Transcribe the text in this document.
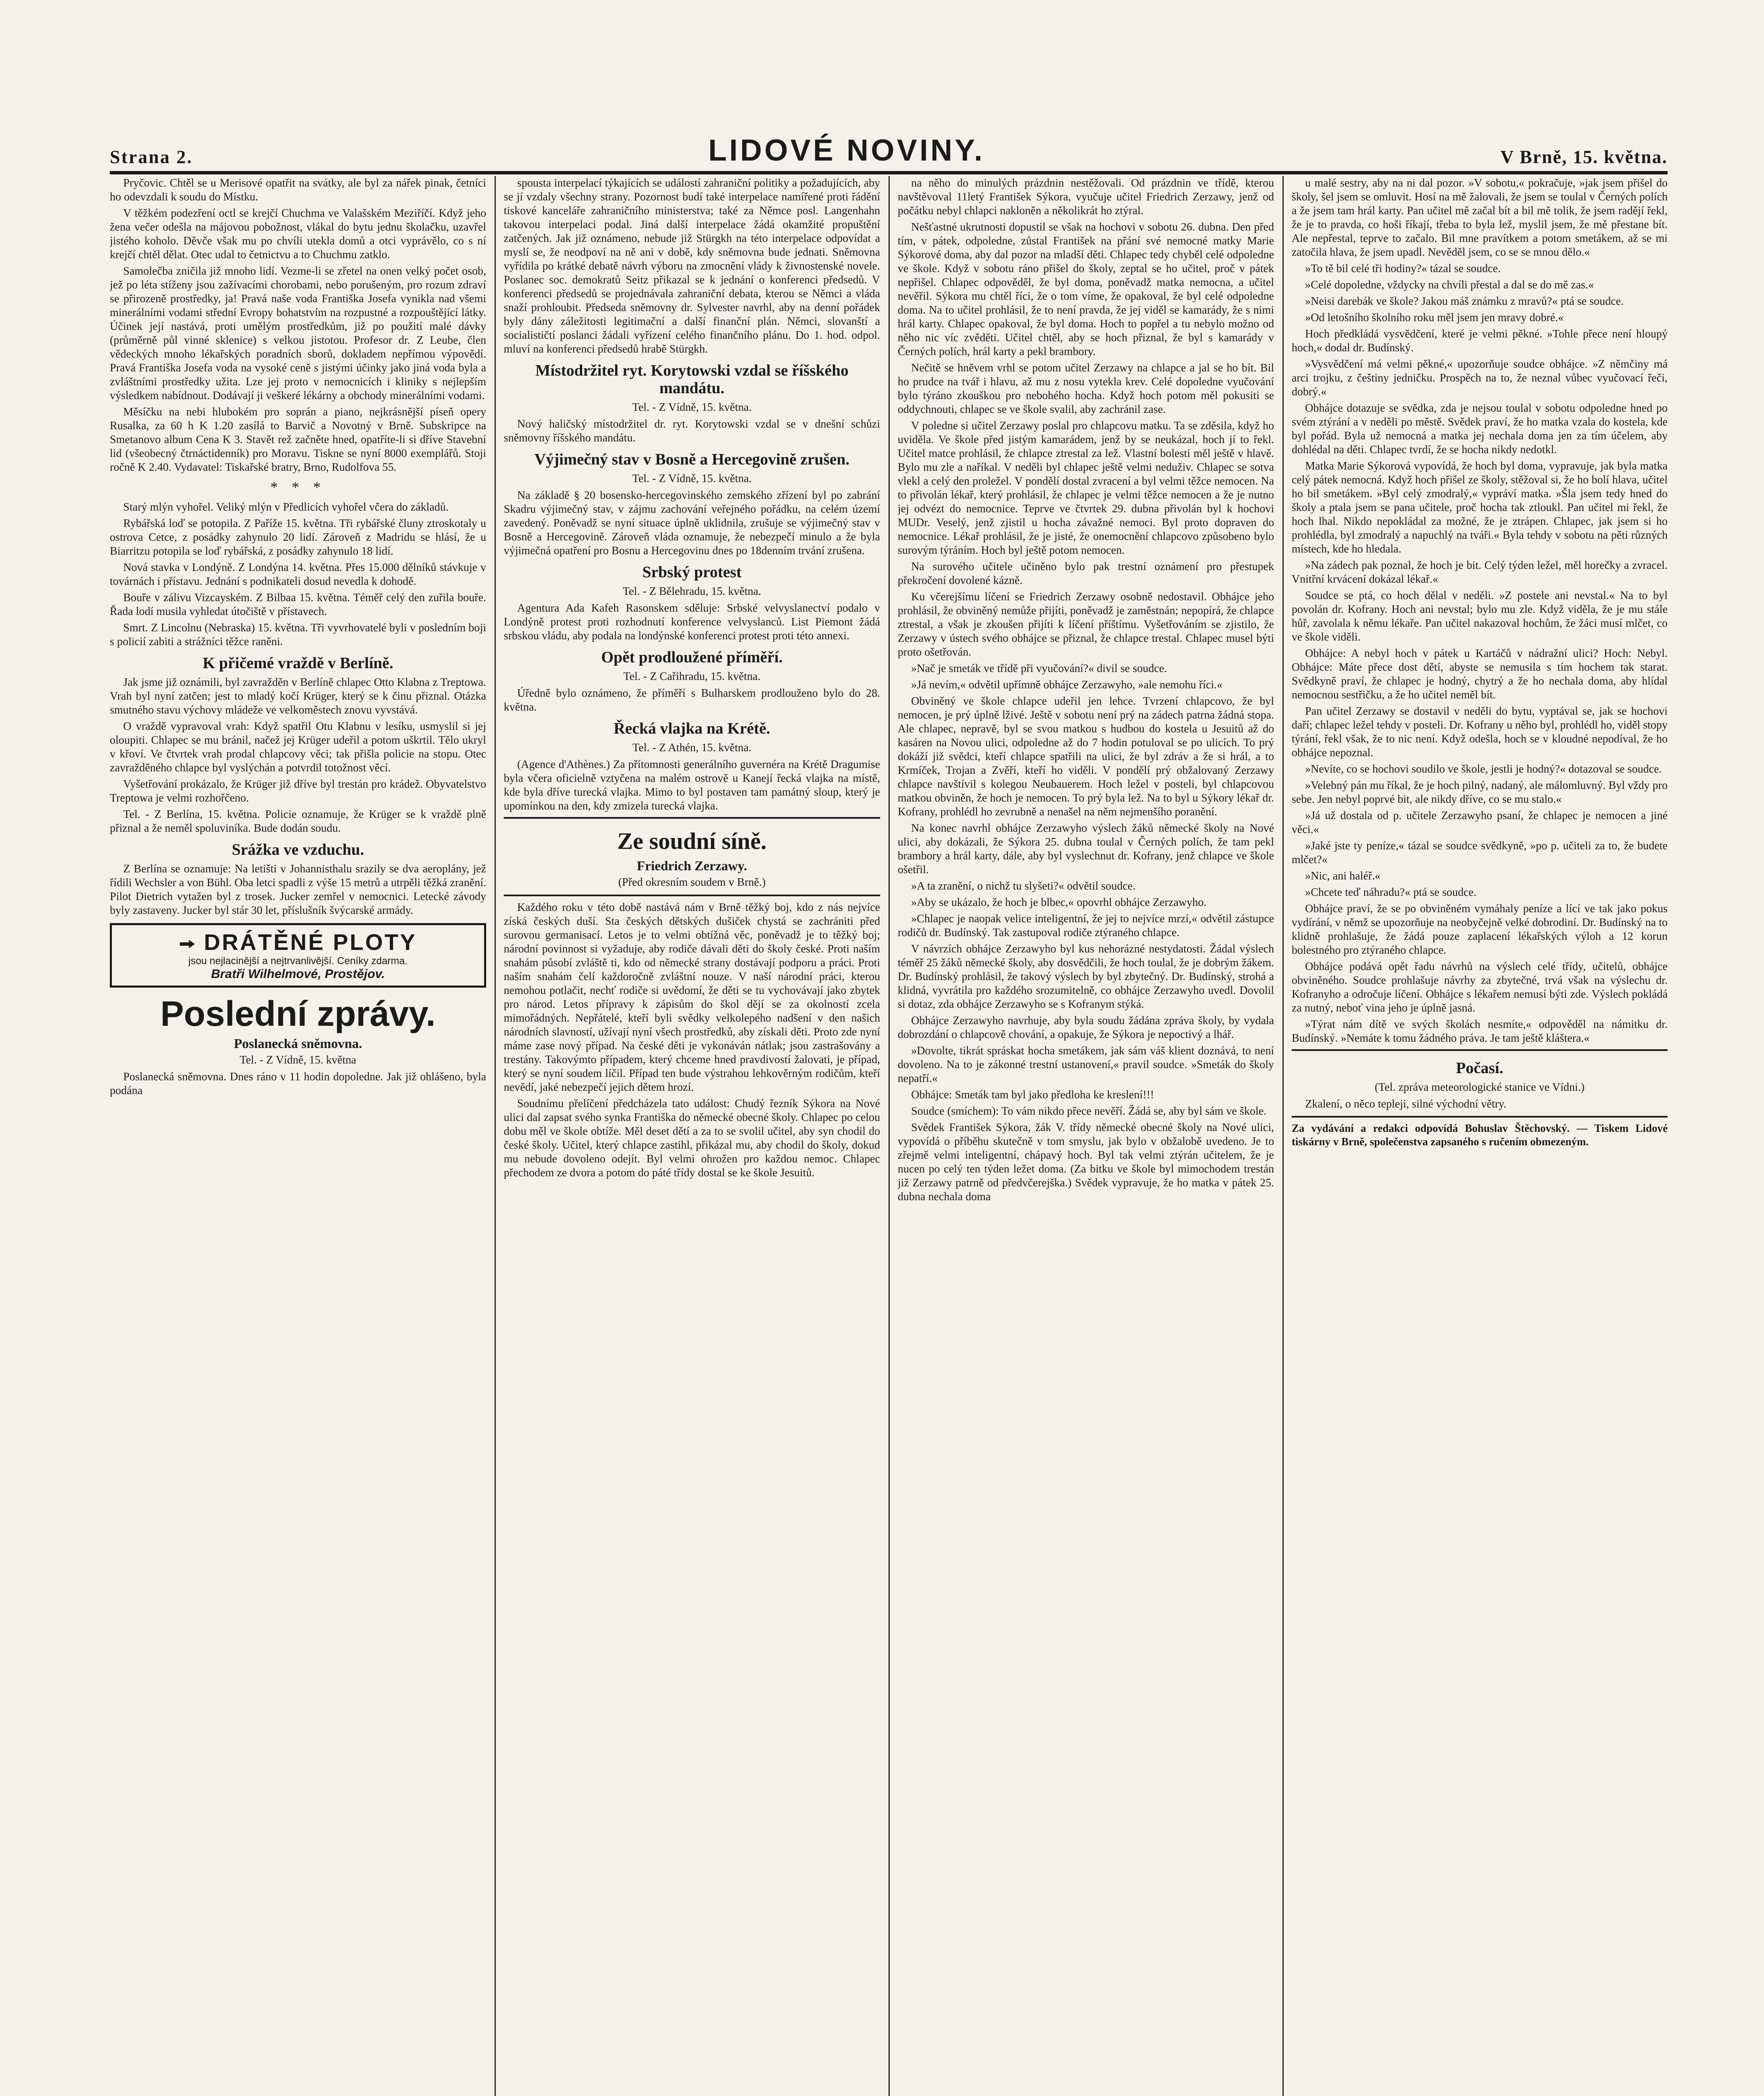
Strana 2.	LIDOVÉ NOVINY.	V Brně, 15. května.

Pryčovic. Chtěl se u Merisové opatřit na svátky, ale byl za nářek pinak, četníci ho odevzdali k soudu do Místku.

V těžkém podezření octl se krejčí Chuchma ve Valašském Meziříčí. Když jeho žena večer odešla na májovou pobožnost, vlákal do bytu jednu školačku, uzavřel jistého koholo. Děvče však mu po chvíli utekla domů a otci vyprávělo, co s ní krejčí chtěl dělat. Otec udal to četnictvu a to Chuchmu zatklo.

Samolečba zničila již mnoho lidí. Vezme-li se zřetel na onen velký počet osob, jež po léta stíženy jsou zažívacími chorobami, nebo porušeným, pro rozum zdraví se přirozeně prostředky, ja! Pravá naše voda Františka Josefa vynikla nad všemi minerálními vodami střední Evropy bohatstvím na rozpustné a rozpouštějící látky. Účinek její nastává, proti umělým prostředkům, již po použití malé dávky (průměrně půl vinné sklenice) s velkou jistotou. Profesor dr. Z Leube, člen vědeckých mnoho lékařských poradních sborů, dokladem nepřímou výpovědí. Pravá Františka Josefa voda na vysoké ceně s jistými účinky jako jiná voda byla a zvláštními prostředky užita. Lze jej proto v nemocnicích i kliniky s nejlepším výsledkem nabídnout. Dodávají ji veškeré lékárny a obchody minerálními vodami.

Měsíčku na nebi hlubokém pro soprán a piano, nejkrásnější píseň opery Rusalka, za 60 h K 1.20 zasílá to Barvič a Novotný v Brně. Subskripce na Smetanovo album Cena K 3. Stavět rež začněte hned, opatříte-li si dříve Stavební lid (všeobecný čtrnáctidenník) pro Moravu. Tiskne se nyní 8000 exemplářů. Stoji ročně K 2.40. Vydavatel: Tiskařské bratry, Brno, Rudolfova 55.

* * *

Starý mlýn vyhořel. Veliký mlýn v Předlicích vyhořel včera do základů.

Rybářská loď se potopila. Z Paříže 15. května. Tři rybářské čluny ztroskotaly u ostrova Cetce, z posádky zahynulo 20 lidí. Zároveň z Madridu se hlásí, že u Biarritzu potopila se loď rybářská, z posádky zahynulo 18 lidí.

Nová stavka v Londýně. Z Londýna 14. května. Přes 15.000 dělníků stávkuje v továrnách i přístavu. Jednání s podnikateli dosud nevedla k dohodě.

Bouře v zálivu Vizcayském. Z Bilbaa 15. května. Téměř celý den zuřila bouře. Řada lodí musila vyhledat útočiště v přístavech.

Smrt. Z Lincolnu (Nebraska) 15. května. Tři vyvrhovatelé byli v posledním boji s policií zabiti a strážníci těžce raněni.

K přičemé vraždě v Berlíně.

Jak jsme již oznámili, byl zavražděn v Berlíně chlapec Otto Klabna z Treptowa. Vrah byl nyní zatčen; jest to mladý kočí Krüger, který se k činu přiznal. Otázka smutného stavu výchovy mládeže ve velkoměstech znovu vyvstává.

O vraždě vypravoval vrah: Když spatřil Otu Klabnu v lesíku, usmyslil si jej oloupiti. Chlapec se mu bránil, načež jej Krüger udeřil a potom uškrtil. Tělo ukryl v křoví. Ve čtvrtek vrah prodal chlapcovy věci; tak přišla policie na stopu. Otec zavražděného chlapce byl vyslýchán a potvrdil totožnost věcí.

Vyšetřování prokázalo, že Krüger již dříve byl trestán pro krádež. Obyvatelstvo Treptowa je velmi rozhořčeno.

Tel. - Z Berlína, 15. května. Policie oznamuje, že Krüger se k vraždě plně přiznal a že neměl spoluviníka. Bude dodán soudu.

Srážka ve vzduchu.

Z Berlína se oznamuje: Na letišti v Johannisthalu srazily se dva aeroplány, jež řídili Wechsler a von Bühl. Oba letci spadli z výše 15 metrů a utrpěli těžká zranění. Pilot Dietrich vytažen byl z trosek. Jucker zemřel v nemocnici. Letecké závody byly zastaveny. Jucker byl stár 30 let, příslušník švýcarské armády.

DRÁTĚNÉ PLOTY
jsou nejlacinější a nejtrvanlivější. Ceníky zdarma.
Bratři Wilhelmové, Prostějov.
Poslední zprávy.
Poslanecká sněmovna.
Tel. - Z Vídně, 15. května

Poslanecká sněmovna. Dnes ráno v 11 hodin dopoledne. Jak již ohlášeno, byla podána

spousta interpelací týkajících se událostí zahraniční politiky a požadujících, aby se jí vzdaly všechny strany. Pozornost budí také interpelace namířené proti řádění tiskové kanceláře zahraničního ministerstva; také za Němce posl. Langenhahn takovou interpelaci podal. Jiná další interpelace žádá okamžité propuštění zatčených. Jak již oznámeno, nebude již Stürgkh na této interpelace odpovídat a myslí se, že neodpoví na ně ani v době, kdy sněmovna bude jednati. Sněmovna vyřídila po krátké debatě návrh výboru na zmocnění vlády k živnostenské novele. Poslanec soc. demokratů Seitz přikazal se k jednání o konferenci předsedů. V konferenci předsedů se projednávala zahraniční debata, kterou se Němci a vláda snaží prohloubit. Předseda sněmovny dr. Sylvester navrhl, aby na denní pořádek byly dány záležitosti legitimační a další finanční plán. Němci, slovanští a socialističtí poslanci žádali vyřízení celého finančního plánu. Do 1. hod. odpol. mluví na konferenci předsedů hrabě Stürgkh.

Místodržitel ryt. Korytowski vzdal se říšského mandátu.
Tel. - Z Vídně, 15. května.

Nový haličský místodržitel dr. ryt. Korytowski vzdal se v dnešní schůzi sněmovny říšského mandátu.

Výjimečný stav v Bosně a Hercegovině zrušen.
Tel. - Z Vídně, 15. května.

Na základě § 20 bosensko-hercegovinského zemského zřízení byl po zabrání Skadru výjimečný stav, v zájmu zachování veřejného pořádku, na celém území zavedený. Poněvadž se nyní situace úplně uklidnila, zrušuje se výjimečný stav v Bosně a Hercegovině. Zároveň vláda oznamuje, že nebezpečí minulo a že byla výjimečná opatření pro Bosnu a Hercegovinu dnes po 18denním trvání zrušena.

Srbský protest
Tel. - Z Bělehradu, 15. května.

Agentura Ada Kafeh Rasonskem sděluje: Srbské velvyslanectví podalo v Londýně protest proti rozhodnutí konference velvyslanců. List Piemont žádá srbskou vládu, aby podala na londýnské konferenci protest proti této annexi.

Opět prodloužené příměří.
Tel. - Z Cařihradu, 15. května.

Úředně bylo oznámeno, že příměří s Bulharskem prodlouženo bylo do 28. května.

Řecká vlajka na Krétě.
Tel. - Z Athén, 15. května.

(Agence d'Athènes.) Za přítomnosti generálního guvernéra na Krétě Dragumise byla včera oficielně vztyčena na malém ostrově u Kanejí řecká vlajka na místě, kde byla dříve turecká vlajka. Mimo to byl postaven tam památný sloup, který je upomínkou na den, kdy zmizela turecká vlajka.

Ze soudní síně.
Friedrich Zerzawy.
(Před okresním soudem v Brně.)

Každého roku v této době nastává nám v Brně těžký boj, kdo z nás nejvíce získá českých duší. Sta českých dětských dušiček chystá se zachrániti před surovou germanisací. Letos je to velmi obtížná věc, poněvadž je to těžký boj; národní povinnost si vyžaduje, aby rodiče dávali děti do školy české. Proti naším snahám působí zvláště ti, kdo od německé strany dostávají podporu a práci. Proti naším snahám čelí každoročně zvláštní nouze. V naší národní práci, kterou nemohou potlačit, nechť rodiče si uvědomí, že děti se tu vychovávají jako zbytek pro národ. Letos přípravy k zápisům do škol dějí se za okolností zcela mimořádných. Nepřátelé, kteří byli svědky velkolepého nadšení v den našich národních slavností, užívají nyní všech prostředků, aby získali děti. Proto zde nyní máme zase nový případ. Na české děti je vykonáván nátlak; jsou zastrašovány a trestány. Takovýmto případem, který chceme hned pravdivostí žalovati, je případ, který se nyní soudem líčil. Případ ten bude výstrahou lehkověrným rodičům, kteří nevědí, jaké nebezpečí jejich dětem hrozí.

Soudnímu přelíčení předcházela tato událost: Chudý řezník Sýkora na Nové ulici dal zapsat svého synka Františka do německé obecné školy. Chlapec po celou dobu měl ve škole obtíže. Měl deset dětí a za to se svolil učitel, aby syn chodil do české školy. Učitel, který chlapce zastihl, přikázal mu, aby chodil do školy, dokud mu nebude dovoleno odejít. Byl velmi ohrožen pro každou nemoc. Chlapec přechodem ze dvora a potom do páté třídy dostal se ke škole Jesuitů.

na něho do minulých prázdnin nestěžovali. Od prázdnin ve třídě, kterou navštěvoval 11letý František Sýkora, vyučuje učitel Friedrich Zerzawy, jenž od počátku nebyl chlapci nakloněn a několikrát ho ztýral.

Nešťastné ukrutnosti dopustil se však na hochovi v sobotu 26. dubna. Den před tím, v pátek, odpoledne, zůstal František na přání své nemocné matky Marie Sýkorové doma, aby dal pozor na mladší děti. Chlapec tedy chyběl celé odpoledne ve škole. Když v sobotu ráno přišel do školy, zeptal se ho učitel, proč v pátek nepřišel. Chlapec odpověděl, že byl doma, poněvadž matka nemocna, a učitel nevěřil. Sýkora mu chtěl říci, že o tom víme, že opakoval, že byl celé odpoledne doma. Na to učitel prohlásil, že to není pravda, že jej viděl se kamarády, že s nimi hrál karty. Chlapec opakoval, že byl doma. Hoch to popřel a tu nebylo možno od něho nic víc zvěděti. Učitel chtěl, aby se hoch přiznal, že byl s kamarády v Černých polích, hrál karty a pekl brambory.

Nečitě se hněvem vrhl se potom učitel Zerzawy na chlapce a jal se ho bít. Bil ho prudce na tvář i hlavu, až mu z nosu vytekla krev. Celé dopoledne vyučování bylo týráno zkouškou pro nebohého hocha. Když hoch potom měl pokusiti se oddychnouti, chlapec se ve škole svalil, aby zachránil zase.

V poledne si učitel Zerzawy poslal pro chlapcovu matku. Ta se zděsila, když ho uviděla. Ve škole před jistým kamarádem, jenž by se neukázal, hoch jí to řekl. Učitel matce prohlásil, že chlapce ztrestal za lež. Vlastní bolesti měl ještě v hlavě. Bylo mu zle a naříkal. V neděli byl chlapec ještě velmi neduživ. Chlapec se sotva vlekl a celý den proležel. V pondělí dostal zvracení a byl velmi těžce nemocen. Na to přivolán lékař, který prohlásil, že chlapec je velmi těžce nemocen a že je nutno jej odvézt do nemocnice. Teprve ve čtvrtek 29. dubna přivolán byl k hochovi MUDr. Veselý, jenž zjistil u hocha závažné nemoci. Byl proto dopraven do nemocnice. Lékař prohlásil, že je jisté, že onemocnění chlapcovo způsobeno bylo surovým týráním. Hoch byl ještě potom nemocen.

Na surového učitele učiněno bylo pak trestní oznámení pro přestupek překročení dovolené kázně.

Ku včerejšímu líčení se Friedrich Zerzawy osobně nedostavil. Obhájce jeho prohlásil, že obviněný nemůže přijíti, poněvadž je zaměstnán; nepopírá, že chlapce ztrestal, a však je zkoušen přijíti k líčení příštímu. Vyšetřováním se zjistilo, že Zerzawy v ústech svého obhájce se přiznal, že chlapce trestal. Chlapec musel býti proto ošetřován.

»Nač je smeták ve třídě při vyučování?« divil se soudce.

»Já nevím,« odvětil upřímně obhájce Zerzawyho, »ale nemohu říci.«

Obviněný ve škole chlapce udeřil jen lehce. Tvrzení chlapcovo, že byl nemocen, je prý úplně lživé. Ještě v sobotu není prý na zádech patrna žádná stopa. Ale chlapec, nepravě, byl se svou matkou s hudbou do kostela u Jesuitů až do kasáren na Novou ulici, odpoledne až do 7 hodin potuloval se po ulicích. To prý dokáží již svědci, kteří chlapce spatřili na ulici, že byl zdráv a že si hrál, a to Krmíček, Trojan a Zvěří, kteří ho viděli. V pondělí prý obžalovaný Zerzawy chlapce navštívil s kolegou Neubauerem. Hoch ležel v posteli, byl chlapcovou matkou obviněn, že hoch je nemocen. To prý byla lež. Na to byl u Sýkory lékař dr. Kofrany, prohlédl ho zevrubně a nenašel na něm nejmenšího poranění.

Na konec navrhl obhájce Zerzawyho výslech žáků německé školy na Nové ulici, aby dokázali, že Sýkora 25. dubna toulal v Černých polích, že tam pekl brambory a hrál karty, dále, aby byl vyslechnut dr. Kofrany, jenž chlapce ve škole ošetřil.

»A ta zranění, o nichž tu slyšeti?« odvětil soudce.

»Aby se ukázalo, že hoch je blbec,« opovrhl obhájce Zerzawyho.

»Chlapec je naopak velice inteligentní, že jej to nejvíce mrzí,« odvětil zástupce rodičů dr. Budínský. Tak zastupoval rodiče ztýraného chlapce.

V návrzích obhájce Zerzawyho byl kus nehorázné nestydatosti. Žádal výslech téměř 25 žáků německé školy, aby dosvědčili, že hoch toulal, že je dobrým žákem. Dr. Budínský prohlásil, že takový výslech by byl zbytečný. Dr. Budínský, strohá a klidná, vyvrátila pro každého srozumitelně, co obhájce Zerzawyho uvedl. Dovolil si dotaz, zda obhájce Zerzawyho se s Kofranym stýká.

Obhájce Zerzawyho navrhuje, aby byla soudu žádána zpráva školy, by vydala dobrozdání o chlapcově chování, a opakuje, že Sýkora je nepoctivý a lhář.

»Dovolte, tikrát spráskat hocha smetákem, jak sám váš klient doznává, to není dovoleno. Na to je zákonné trestní ustanovení,« pravil soudce. »Smeták do školy nepatří.«

Obhájce: Smeták tam byl jako předloha ke kreslení!!!

Soudce (smíchem): To vám nikdo přece nevěří. Žádá se, aby byl sám ve škole.

Svědek František Sýkora, žák V. třídy německé obecné školy na Nové ulici, vypovídá o příběhu skutečně v tom smyslu, jak bylo v obžalobě uvedeno. Je to zřejmě velmi inteligentní, chápavý hoch. Byl tak velmi ztýrán učitelem, že je nucen po celý ten týden ležet doma. (Za bitku ve škole byl mimochodem trestán již Zerzawy patrně od předvčerejška.) Svědek vypravuje, že ho matka v pátek 25. dubna nechala doma

u malé sestry, aby na ni dal pozor. »V sobotu,« pokračuje, »jak jsem přišel do školy, šel jsem se omluvit. Hosí na mě žalovali, že jsem se toulal v Černých polích a že jsem tam hrál karty. Pan učitel mě začal bít a bil mě tolik, že jsem radějí řekl, že je to pravda, co hoši říkají, třeba to byla lež, myslil jsem, že mě přestane bít. Ale nepřestal, teprve to začalo. Bil mne pravítkem a potom smetákem, až se mi zatočila hlava, že jsem upadl. Nevěděl jsem, co se se mnou dělo.«

»To tě bil celé tři hodiny?« tázal se soudce.

»Celé dopoledne, vždycky na chvíli přestal a dal se do mě zas.«

»Neisi darebák ve škole? Jakou máš známku z mravů?« ptá se soudce.

»Od letošního školního roku měl jsem jen mravy dobré.«

Hoch předkládá vysvědčení, které je velmi pěkné. »Tohle přece není hloupý hoch,« dodal dr. Budínský.

»Vysvědčení má velmi pěkné,« upozorňuje soudce obhájce. »Z němčiny má arci trojku, z češtiny jedničku. Prospěch na to, že neznal vůbec vyučovací řeči, dobrý.«

Obhájce dotazuje se svědka, zda je nejsou toulal v sobotu odpoledne hned po svém ztýrání a v neděli po městě. Svědek praví, že ho matka vzala do kostela, kde byl pořád. Byla už nemocná a matka jej nechala doma jen za tím účelem, aby dohlédal na děti. Chlapec tvrdí, že se hocha nikdy nedotkl.

Matka Marie Sýkorová vypovídá, že hoch byl doma, vypravuje, jak byla matka celý pátek nemocná. Když hoch přišel ze školy, stěžoval si, že ho bolí hlava, učitel ho bil smetákem. »Byl celý zmodralý,« vypráví matka. »Šla jsem tedy hned do školy a ptala jsem se pana učitele, proč hocha tak ztloukl. Pan učitel mi řekl, že hoch lhal. Nikdo nepokládal za možné, že je ztrápen. Chlapec, jak jsem si ho prohlédla, byl zmodralý a napuchlý na tváři.« Byla tehdy v sobotu na pěti různých místech, kde ho hledala.

»Na zádech pak poznal, že hoch je bit. Celý týden ležel, měl horečky a zvracel. Vnitřní krvácení dokázal lékař.«

Soudce se ptá, co hoch dělal v neděli. »Z postele ani nevstal.« Na to byl povolán dr. Kofrany. Hoch ani nevstal; bylo mu zle. Když viděla, že je mu stále hůř, zavolala k němu lékaře. Pan učitel nakazoval hochům, že žáci musí mlčet, co ve škole viděli.

Obhájce: A nebyl hoch v pátek u Kartáčů v nádražní ulici? Hoch: Nebyl. Obhájce: Máte přece dost dětí, abyste se nemusila s tím hochem tak starat. Svědkyně praví, že chlapec je hodný, chytrý a že ho nechala doma, aby hlídal nemocnou sestřičku, a že ho učitel neměl bít.

Pan učitel Zerzawy se dostavil v neděli do bytu, vyptával se, jak se hochovi daří; chlapec ležel tehdy v posteli. Dr. Kofrany u něho byl, prohlédl ho, viděl stopy týrání, řekl však, že to nic není. Když odešla, hoch se v kloudné nepodíval, že ho obhájce nepoznal.

»Nevíte, co se hochovi soudilo ve škole, jestli je hodný?« dotazoval se soudce.

»Velebný pán mu říkal, že je hoch pilný, nadaný, ale málomluvný. Byl vždy pro sebe. Jen nebyl poprvé bit, ale nikdy dříve, co se mu stalo.«

»Já už dostala od p. učitele Zerzawyho psaní, že chlapec je nemocen a jiné věci.«

»Jaké jste ty peníze,« tázal se soudce svědkyně, »po p. učiteli za to, že budete mlčet?«

»Nic, ani haléř.«

»Chcete teď náhradu?« ptá se soudce.

Obhájce praví, že se po obviněném vymáhaly peníze a lící ve tak jako pokus vydírání, v němž se upozorňuje na neobyčejně velké dobrodiní. Dr. Budínský na to klidně prohlašuje, že žádá pouze zaplacení lékařských výloh a 12 korun bolestného pro ztýraného chlapce.

Obhájce podává opět řadu návrhů na výslech celé třídy, učitelů, obhájce obviněného. Soudce prohlašuje návrhy za zbytečné, trvá však na výslechu dr. Kofranyho a odročuje líčení. Obhájce s lékařem nemusí býti zde. Výslech pokládá za nutný, neboť vina jeho je úplně jasná.

»Týrat nám dítě ve svých školách nesmíte,« odpověděl na námitku dr. Budínský. »Nemáte k tomu žádného práva. Je tam ještě kláštera.«

Počasí.
(Tel. zpráva meteorologické stanice ve Vídni.)

Zkalení, o něco tepleji, silné východní větry.

Za vydávání a redakci odpovídá Bohuslav Štěchovský. — Tiskem Lidové tiskárny v Brně, společenstva zapsaného s ručením obmezeným.
